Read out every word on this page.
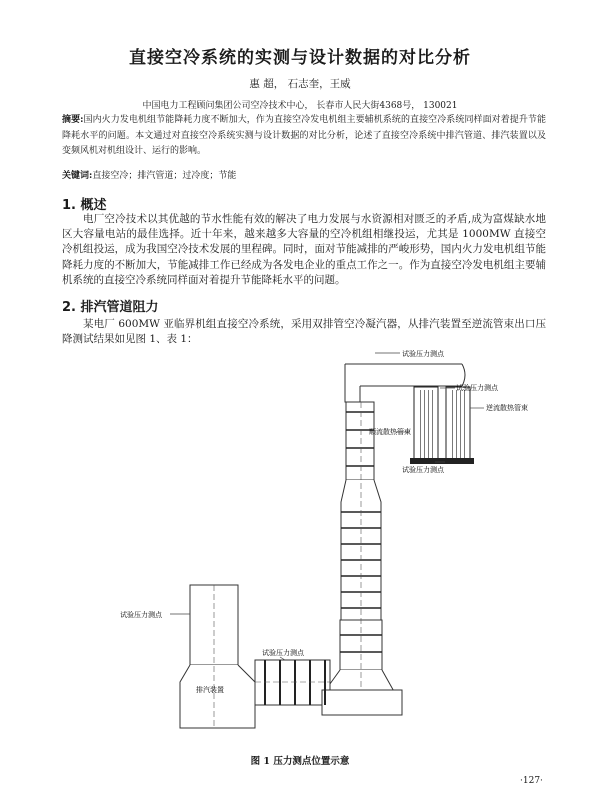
直接空冷系统的实测与设计数据的对比分析
惠 超， 石志奎，王威
中国电力工程顾问集团公司空冷技术中心， 长春市人民大街4368号， 130021
摘要:国内火力发电机组节能降耗力度不断加大，作为直接空冷发电机组主要辅机系统的直接空冷系统同样面对着提升节能降耗水平的问题。本文通过对直接空冷系统实测与设计数据的对比分析，论述了直接空冷系统中排汽管道、排汽装置以及变频风机对机组设计、运行的影响。
关键词:直接空冷；排汽管道；过冷度；节能
1. 概述
电厂空冷技术以其优越的节水性能有效的解决了电力发展与水资源相对匮乏的矛盾,成为富煤缺水地区大容量电站的最佳选择。近十年来，越来越多大容量的空冷机组相继投运，尤其是 1000MW 直接空冷机组投运，成为我国空冷技术发展的里程碑。同时，面对节能减排的严峻形势，国内火力发电机组节能降耗力度的不断加大，节能减排工作已经成为各发电企业的重点工作之一。作为直接空冷发电机组主要辅机系统的直接空冷系统同样面对着提升节能降耗水平的问题。
2. 排汽管道阻力
某电厂 600MW 亚临界机组直接空冷系统，采用双排管空冷凝汽器，从排汽装置至逆流管束出口压降测试结果如见图 1、表 1：
试验压力测点
试验压力测点
逆流散热管束
顺流散热管束
试验压力测点
试验压力测点
试验压力测点
排汽装置
图 1 压力测点位置示意
·127·
